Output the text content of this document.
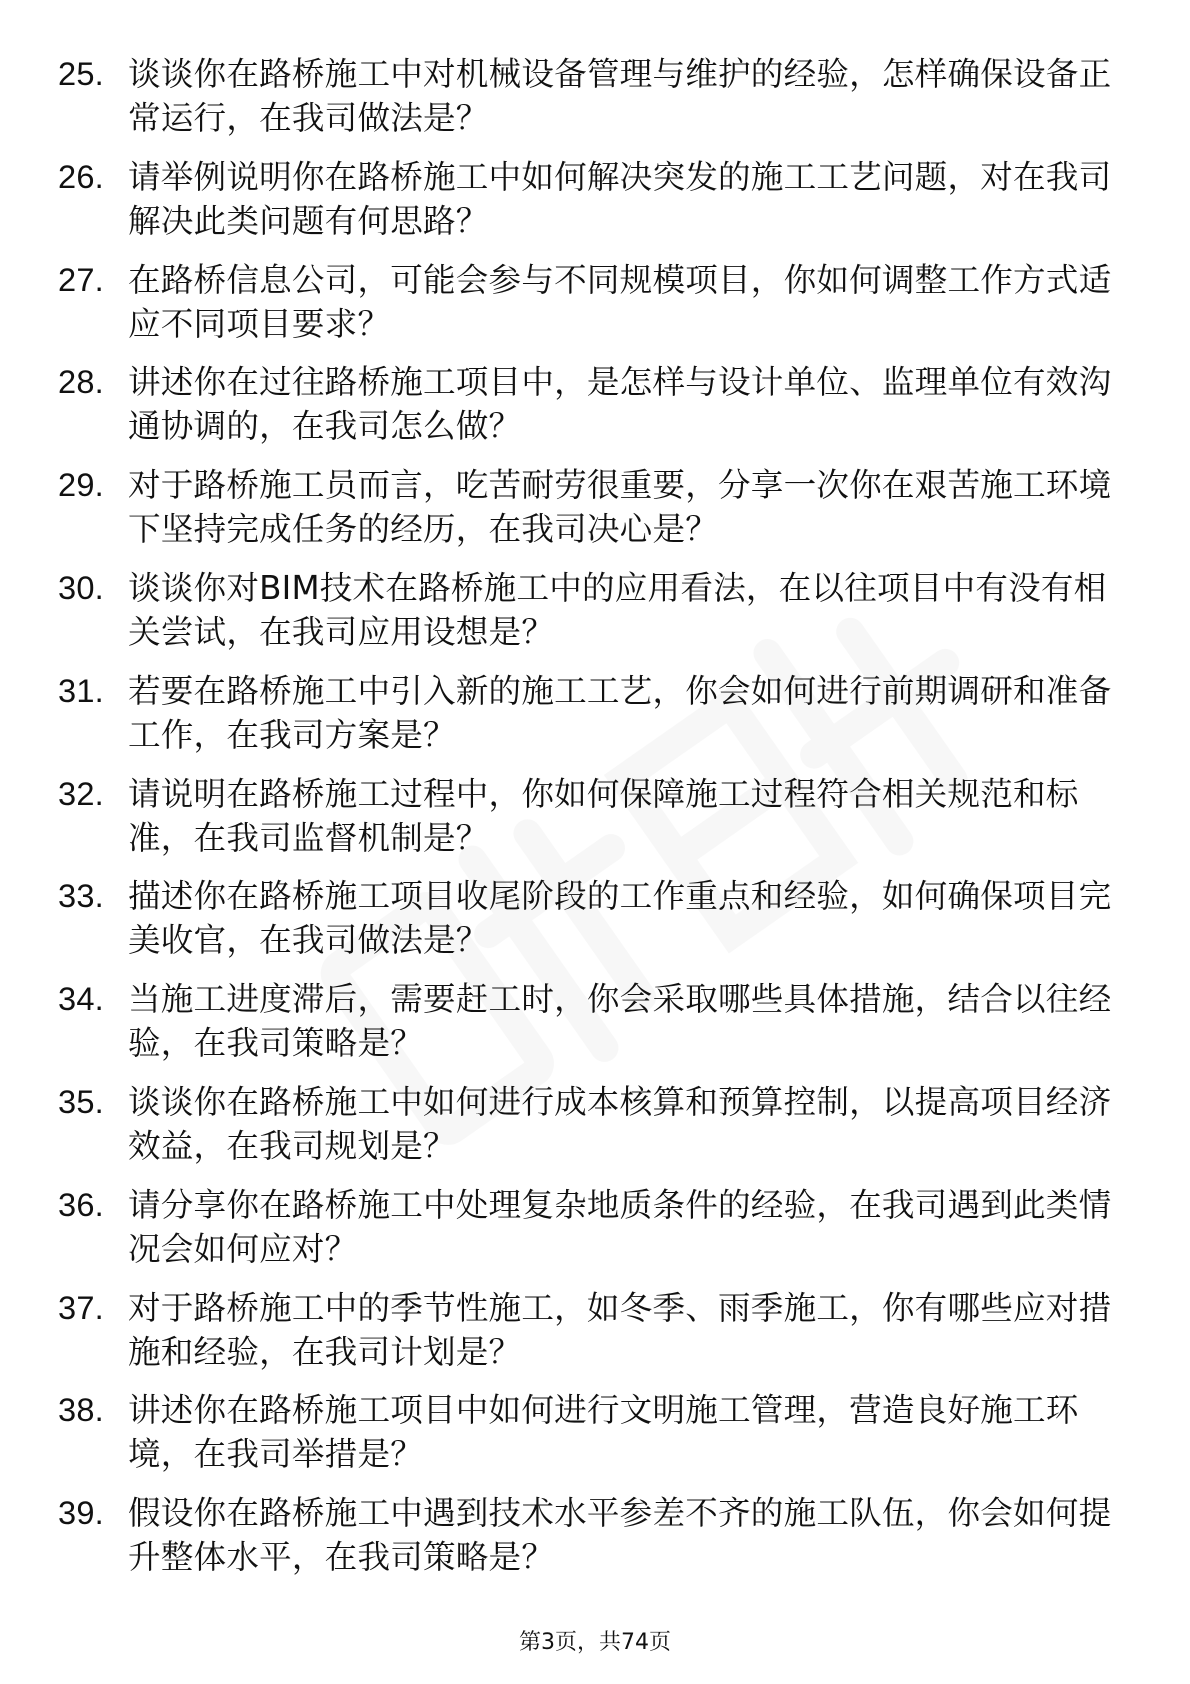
25. 谈谈你在路桥施工中对机械设备管理与维护的经验，怎样确保设备正常运行，在我司做法是？
26. 请举例说明你在路桥施工中如何解决突发的施工工艺问题，对在我司解决此类问题有何思路？
27. 在路桥信息公司，可能会参与不同规模项目，你如何调整工作方式适应不同项目要求？
28. 讲述你在过往路桥施工项目中，是怎样与设计单位、监理单位有效沟通协调的，在我司怎么做？
29. 对于路桥施工员而言，吃苦耐劳很重要，分享一次你在艰苦施工环境下坚持完成任务的经历，在我司决心是？
30. 谈谈你对BIM技术在路桥施工中的应用看法，在以往项目中有没有相关尝试，在我司应用设想是？
31. 若要在路桥施工中引入新的施工工艺，你会如何进行前期调研和准备工作，在我司方案是？
32. 请说明在路桥施工过程中，你如何保障施工过程符合相关规范和标准，在我司监督机制是？
33. 描述你在路桥施工项目收尾阶段的工作重点和经验，如何确保项目完美收官，在我司做法是？
34. 当施工进度滞后，需要赶工时，你会采取哪些具体措施，结合以往经验，在我司策略是？
35. 谈谈你在路桥施工中如何进行成本核算和预算控制，以提高项目经济效益，在我司规划是？
36. 请分享你在路桥施工中处理复杂地质条件的经验，在我司遇到此类情况会如何应对？
37. 对于路桥施工中的季节性施工，如冬季、雨季施工，你有哪些应对措施和经验，在我司计划是？
38. 讲述你在路桥施工项目中如何进行文明施工管理，营造良好施工环境，在我司举措是？
39. 假设你在路桥施工中遇到技术水平参差不齐的施工队伍，你会如何提升整体水平，在我司策略是？
第3页，共74页
